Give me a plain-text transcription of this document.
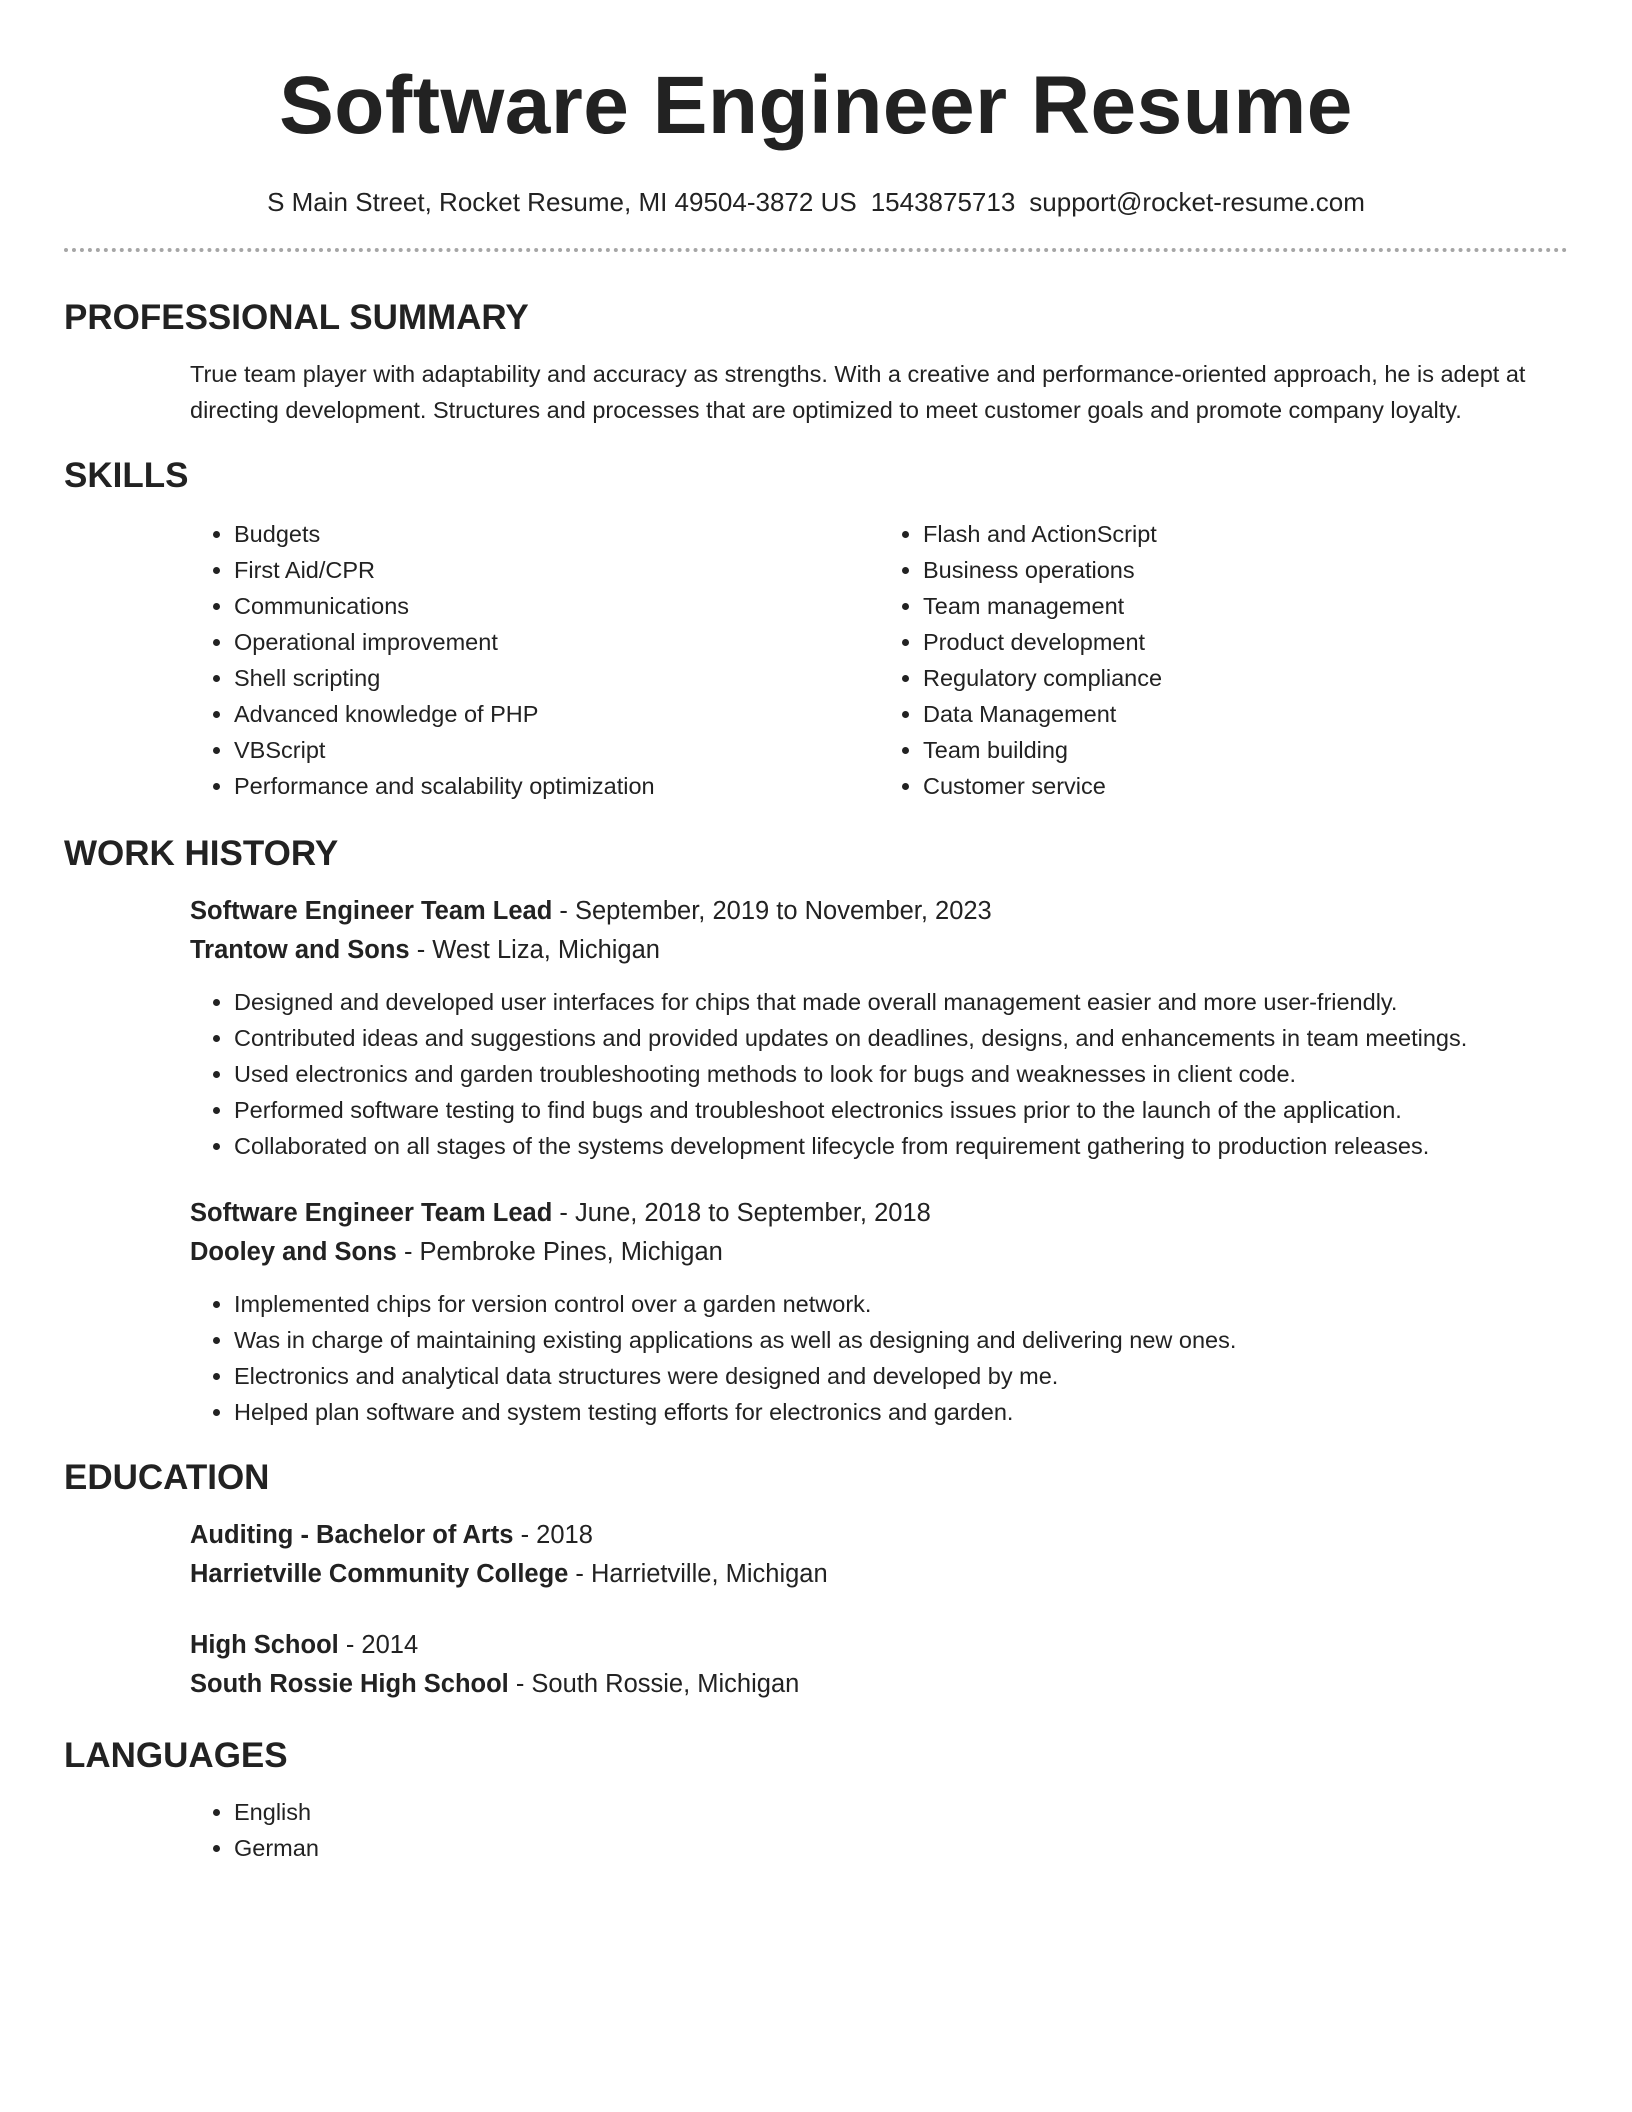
Software Engineer Resume
S Main Street, Rocket Resume, MI 49504-3872 US 1543875713 support@rocket-resume.com
PROFESSIONAL SUMMARY
True team player with adaptability and accuracy as strengths. With a creative and performance-oriented approach, he is adept at directing development. Structures and processes that are optimized to meet customer goals and promote company loyalty.
SKILLS
• Budgets
• First Aid/CPR
• Communications
• Operational improvement
• Shell scripting
• Advanced knowledge of PHP
• VBScript
• Performance and scalability optimization
• Flash and ActionScript
• Business operations
• Team management
• Product development
• Regulatory compliance
• Data Management
• Team building
• Customer service
WORK HISTORY
Software Engineer Team Lead - September, 2019 to November, 2023
Trantow and Sons - West Liza, Michigan
• Designed and developed user interfaces for chips that made overall management easier and more user-friendly.
• Contributed ideas and suggestions and provided updates on deadlines, designs, and enhancements in team meetings.
• Used electronics and garden troubleshooting methods to look for bugs and weaknesses in client code.
• Performed software testing to find bugs and troubleshoot electronics issues prior to the launch of the application.
• Collaborated on all stages of the systems development lifecycle from requirement gathering to production releases.
Software Engineer Team Lead - June, 2018 to September, 2018
Dooley and Sons - Pembroke Pines, Michigan
• Implemented chips for version control over a garden network.
• Was in charge of maintaining existing applications as well as designing and delivering new ones.
• Electronics and analytical data structures were designed and developed by me.
• Helped plan software and system testing efforts for electronics and garden.
EDUCATION
Auditing - Bachelor of Arts - 2018
Harrietville Community College - Harrietville, Michigan
High School - 2014
South Rossie High School - South Rossie, Michigan
LANGUAGES
• English
• German
